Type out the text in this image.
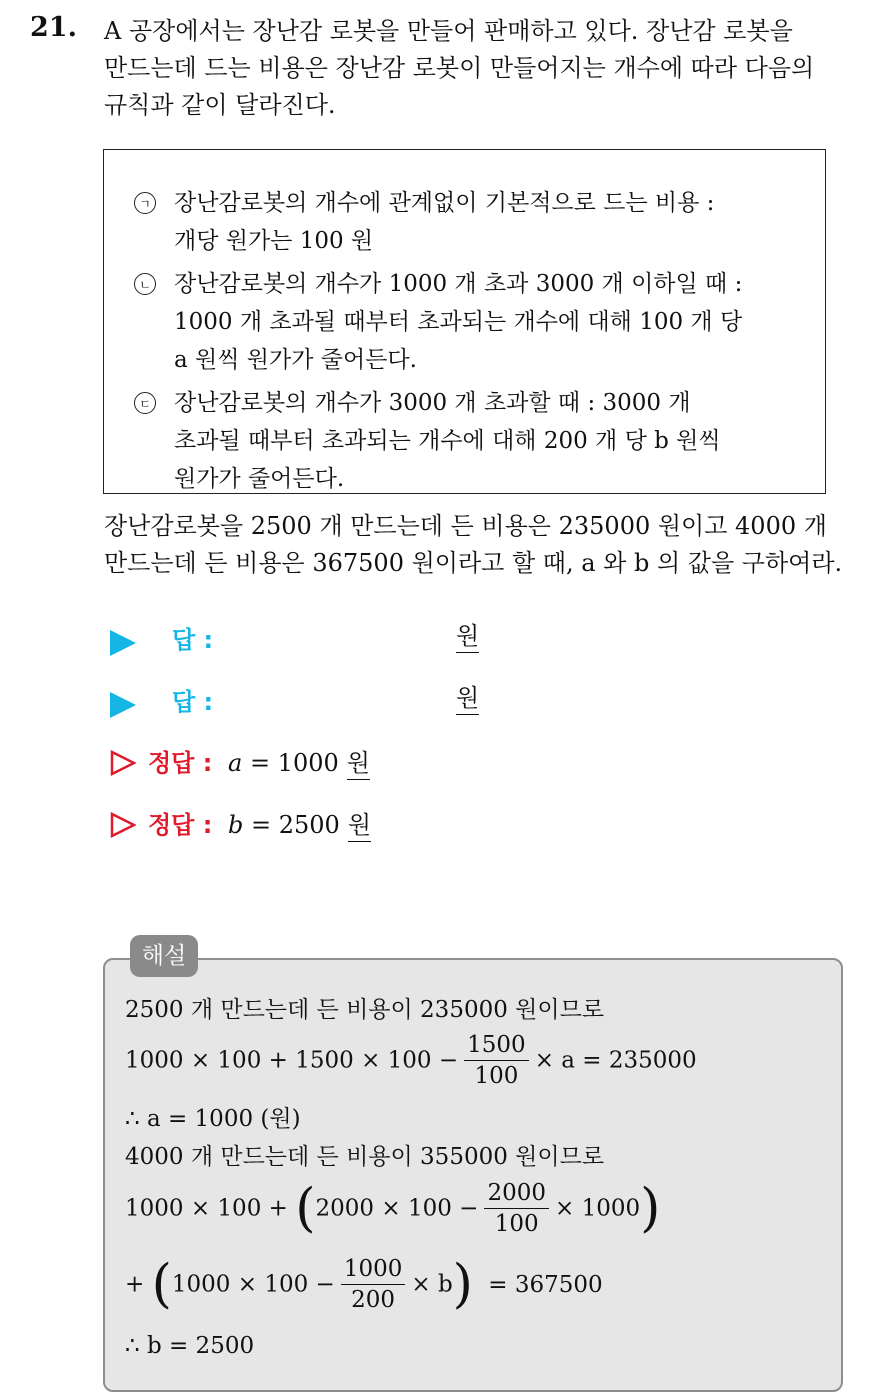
21. A 공장에서는 장난감 로봇을 만들어 판매하고 있다. 장난감 로봇을
만드는데 드는 비용은 장난감 로봇이 만들어지는 개수에 따라 다음의
규칙과 같이 달라진다.
ㄱ 장난감로봇의 개수에 관계없이 기본적으로 드는 비용 :
개당 원가는 100 원
ㄴ 장난감로봇의 개수가 1000 개 초과 3000 개 이하일 때 :
1000 개 초과될 때부터 초과되는 개수에 대해 100 개 당
a 원씩 원가가 줄어든다.
ㄷ 장난감로봇의 개수가 3000 개 초과할 때 : 3000 개
초과될 때부터 초과되는 개수에 대해 200 개 당 b 원씩
원가가 줄어든다.
장난감로봇을 2500 개 만드는데 든 비용은 235000 원이고 4000 개
만드는데 든 비용은 367500 원이라고 할 때, a 와 b 의 값을 구하여라.
답 :	원
답 :	원
정답 : a = 1000 원
정답 : b = 2500 원
해설
2500 개 만드는데 든 비용이 235000 원이므로
$1000 \times 100 + 1500 \times 100 - \frac{1500}{100} \times a = 235000$
∴ a = 1000 (원)
4000 개 만드는데 든 비용이 355000 원이므로
$1000 \times 100 + (2000 \times 100 - \frac{2000}{100} \times 1000)$
+ $(1000 \times 100 - \frac{1000}{200} \times b) = 367500$
∴ b = 2500
